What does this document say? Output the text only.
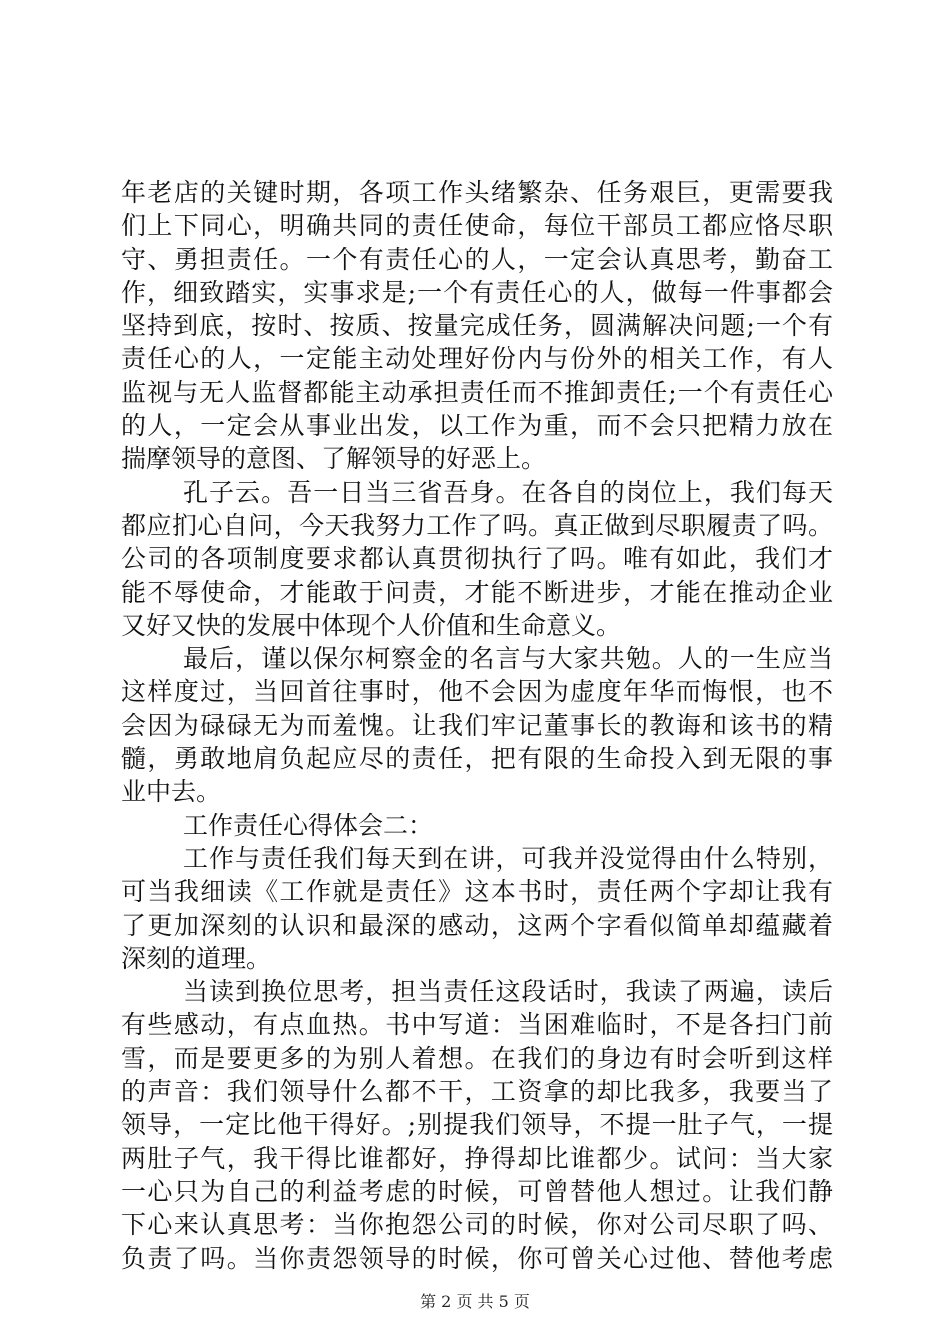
年老店的关键时期，各项工作头绪繁杂、任务艰巨，更需要我
们上下同心，明确共同的责任使命，每位干部员工都应恪尽职
守、勇担责任。一个有责任心的人，一定会认真思考，勤奋工
作，细致踏实，实事求是;一个有责任心的人，做每一件事都会
坚持到底，按时、按质、按量完成任务，圆满解决问题;一个有
责任心的人，一定能主动处理好份内与份外的相关工作，有人
监视与无人监督都能主动承担责任而不推卸责任;一个有责任心
的人，一定会从事业出发，以工作为重，而不会只把精力放在
揣摩领导的意图、了解领导的好恶上。
孔子云。吾一日当三省吾身。在各自的岗位上，我们每天
都应扪心自问，今天我努力工作了吗。真正做到尽职履责了吗。
公司的各项制度要求都认真贯彻执行了吗。唯有如此，我们才
能不辱使命，才能敢于问责，才能不断进步，才能在推动企业
又好又快的发展中体现个人价值和生命意义。
最后，谨以保尔柯察金的名言与大家共勉。人的一生应当
这样度过，当回首往事时，他不会因为虚度年华而悔恨，也不
会因为碌碌无为而羞愧。让我们牢记董事长的教诲和该书的精
髓，勇敢地肩负起应尽的责任，把有限的生命投入到无限的事
业中去。
工作责任心得体会二：
工作与责任我们每天到在讲，可我并没觉得由什么特别，
可当我细读《工作就是责任》这本书时，责任两个字却让我有
了更加深刻的认识和最深的感动，这两个字看似简单却蕴藏着
深刻的道理。
当读到换位思考，担当责任这段话时，我读了两遍，读后
有些感动，有点血热。书中写道：当困难临时，不是各扫门前
雪，而是要更多的为别人着想。在我们的身边有时会听到这样
的声音：我们领导什么都不干，工资拿的却比我多，我要当了
领导，一定比他干得好。;别提我们领导，不提一肚子气，一提
两肚子气，我干得比谁都好，挣得却比谁都少。试问：当大家
一心只为自己的利益考虑的时候，可曾替他人想过。让我们静
下心来认真思考：当你抱怨公司的时候，你对公司尽职了吗、
负责了吗。当你责怨领导的时候，你可曾关心过他、替他考虑
第 2 页 共 5 页
